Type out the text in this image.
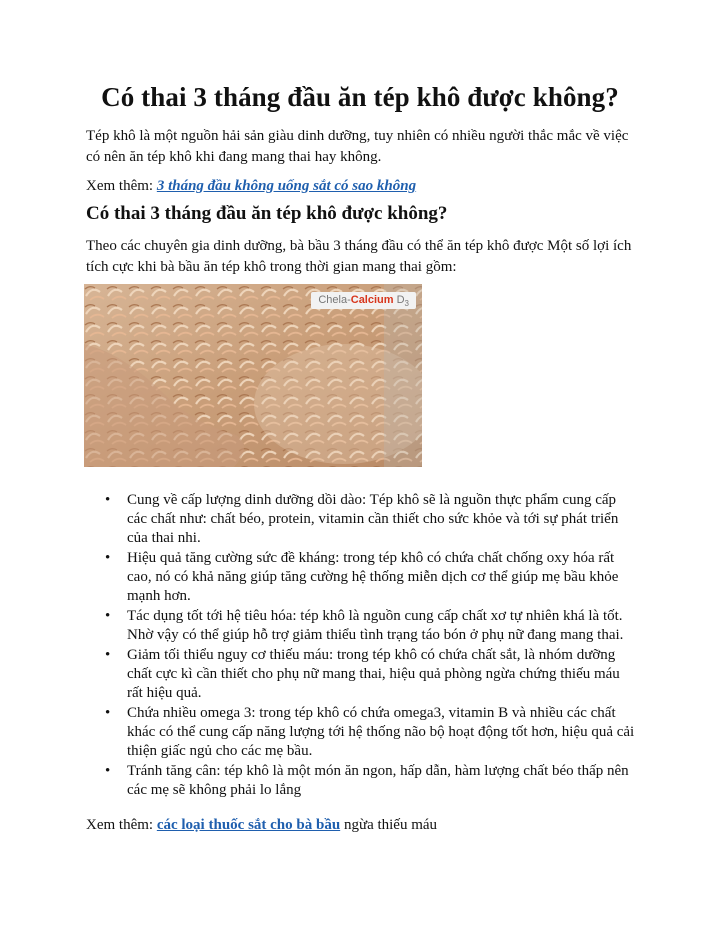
Có thai 3 tháng đầu ăn tép khô được không?

Tép khô là một nguồn hải sản giàu dinh dưỡng, tuy nhiên có nhiều người thắc mắc về việc có nên ăn tép khô khi đang mang thai hay không.

Xem thêm: 3 tháng đầu không uống sắt có sao không

Có thai 3 tháng đầu ăn tép khô được không?

Theo các chuyên gia dinh dưỡng, bà bầu 3 tháng đầu có thể ăn tép khô được Một số lợi ích tích cực khi bà bầu ăn tép khô trong thời gian mang thai gồm:

Chela-Calcium $D_3$
• Cung về cấp lượng dinh dưỡng dồi dào: Tép khô sẽ là nguồn thực phẩm cung cấp các chất như: chất béo, protein, vitamin cần thiết cho sức khỏe và tới sự phát triển của thai nhi.
• Hiệu quả tăng cường sức đề kháng: trong tép khô có chứa chất chống oxy hóa rất cao, nó có khả năng giúp tăng cường hệ thống miễn dịch cơ thể giúp mẹ bầu khỏe mạnh hơn.
• Tác dụng tốt tới hệ tiêu hóa: tép khô là nguồn cung cấp chất xơ tự nhiên khá là tốt. Nhờ vậy có thể giúp hỗ trợ giảm thiểu tình trạng táo bón ở phụ nữ đang mang thai.
• Giảm tối thiểu nguy cơ thiếu máu: trong tép khô có chứa chất sắt, là nhóm dưỡng chất cực kì cần thiết cho phụ nữ mang thai, hiệu quả phòng ngừa chứng thiếu máu rất hiệu quả.
• Chứa nhiều omega 3: trong tép khô có chứa omega3, vitamin B và nhiều các chất khác có thể cung cấp năng lượng tới hệ thống não bộ hoạt động tốt hơn, hiệu quả cải thiện giấc ngủ cho các mẹ bầu.
• Tránh tăng cân: tép khô là một món ăn ngon, hấp dẫn, hàm lượng chất béo thấp nên các mẹ sẽ không phải lo lắng

Xem thêm: các loại thuốc sắt cho bà bầu ngừa thiếu máu
